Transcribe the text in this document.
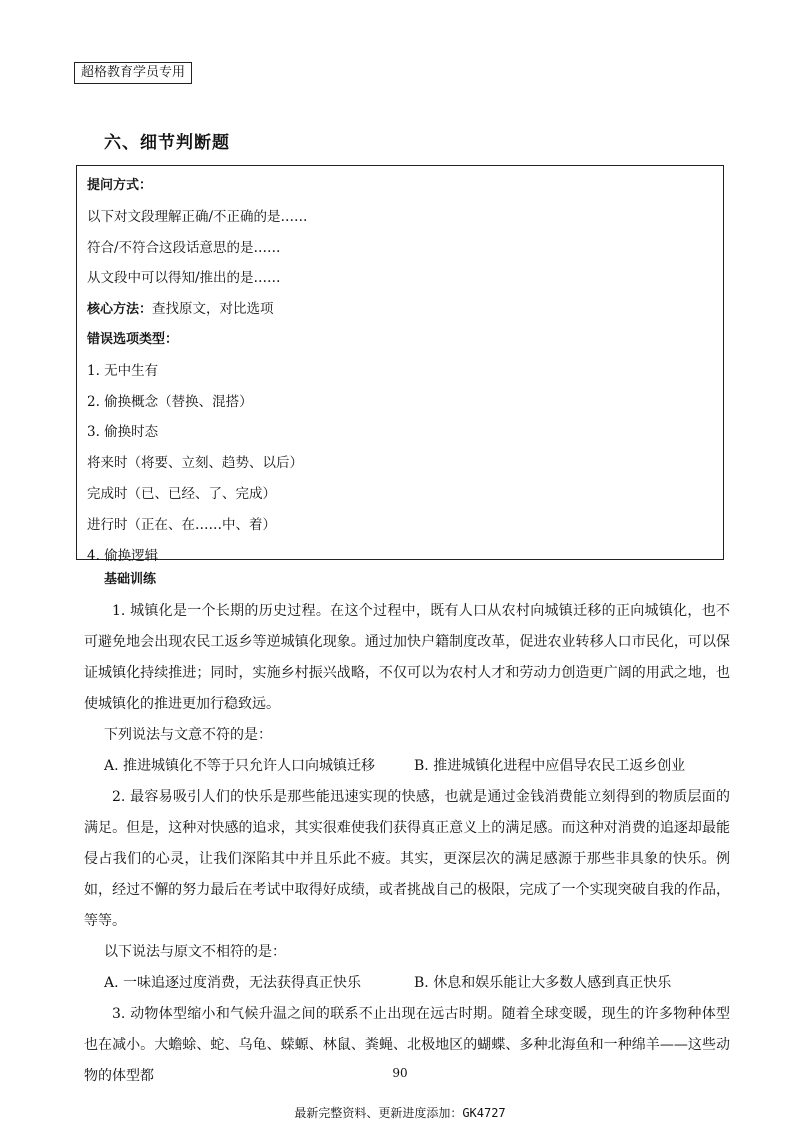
超格教育学员专用
六、细节判断题
提问方式：
以下对文段理解正确/不正确的是……
符合/不符合这段话意思的是……
从文段中可以得知/推出的是……
核心方法：查找原文，对比选项
错误选项类型：
1. 无中生有
2. 偷换概念（替换、混搭）
3. 偷换时态
将来时（将要、立刻、趋势、以后）
完成时（已、已经、了、完成）
进行时（正在、在……中、着）
4. 偷换逻辑
基础训练

1. 城镇化是一个长期的历史过程。在这个过程中，既有人口从农村向城镇迁移的正向城镇化，也不可避免地会出现农民工返乡等逆城镇化现象。通过加快户籍制度改革，促进农业转移人口市民化，可以保证城镇化持续推进；同时，实施乡村振兴战略，不仅可以为农村人才和劳动力创造更广阔的用武之地，也使城镇化的推进更加行稳致远。

下列说法与文意不符的是：
A. 推进城镇化不等于只允许人口向城镇迁移	B. 推进城镇化进程中应倡导农民工返乡创业

2. 最容易吸引人们的快乐是那些能迅速实现的快感，也就是通过金钱消费能立刻得到的物质层面的满足。但是，这种对快感的追求，其实很难使我们获得真正意义上的满足感。而这种对消费的追逐却最能侵占我们的心灵，让我们深陷其中并且乐此不疲。其实，更深层次的满足感源于那些非具象的快乐。例如，经过不懈的努力最后在考试中取得好成绩，或者挑战自己的极限，完成了一个实现突破自我的作品，等等。

以下说法与原文不相符的是：
A. 一味追逐过度消费，无法获得真正快乐	B. 休息和娱乐能让大多数人感到真正快乐

3. 动物体型缩小和气候升温之间的联系不止出现在远古时期。随着全球变暖，现生的许多物种体型也在减小。大蟾蜍、蛇、乌龟、蝾螈、林鼠、粪蝇、北极地区的蝴蝶、多种北海鱼和一种绵羊——这些动物的体型都	90
最新完整资料、更新进度添加：GK4727
